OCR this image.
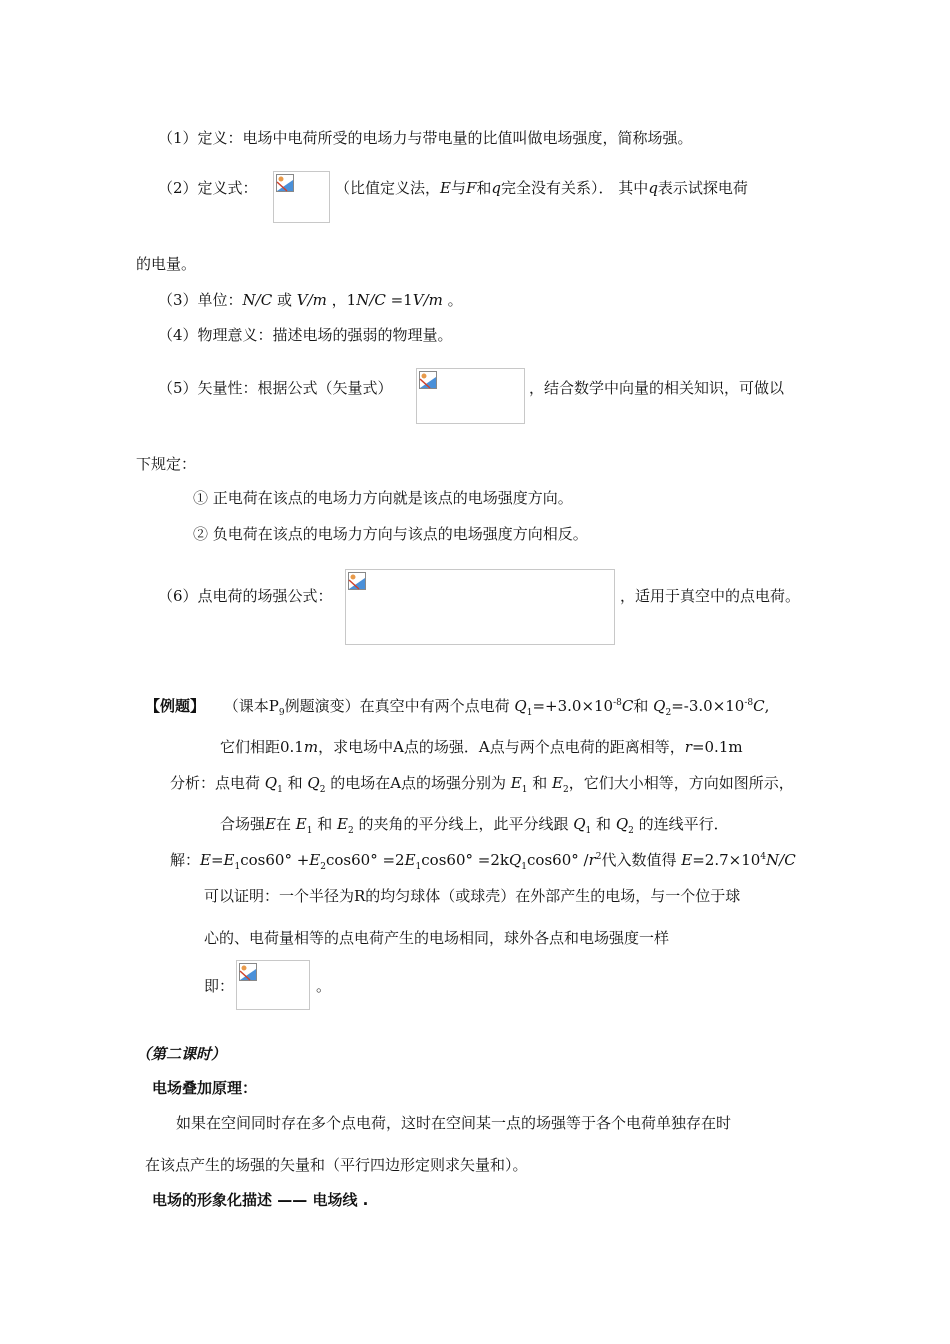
（1）定义：电场中电荷所受的电场力与带电量的比值叫做电场强度，简称场强。
（2）定义式：	（比值定义法，E与F和q完全没有关系）． 其中q表示试探电荷
的电量。
（3）单位：N/C 或 V/m ，1N/C =1V/m 。
（4）物理意义：描述电场的强弱的物理量。
（5）矢量性：根据公式（矢量式）	，结合数学中向量的相关知识，可做以
下规定：
① 正电荷在该点的电场力方向就是该点的电场强度方向。
② 负电荷在该点的电场力方向与该点的电场强度方向相反。
（6）点电荷的场强公式：	，适用于真空中的点电荷。
【例题】 （课本$P_9$例题演变）在真空中有两个点电荷 $Q_1=+3.0\times 10^{-8}C$和 $Q_2=-3.0\times 10^{-8}C$,
它们相距0.1m，求电场中A点的场强．A点与两个点电荷的距离相等，r=0.1m
分析：点电荷 $Q_1$ 和 $Q_2$ 的电场在A点的场强分别为 $E_1$ 和 $E_2$，它们大小相等，方向如图所示，
合场强E在 $E_1$ 和 $E_2$ 的夹角的平分线上，此平分线跟 $Q_1$ 和 $Q_2$ 的连线平行．
解：$E=E_1\cos 60^\circ +E_2\cos 60^\circ =2E_1\cos 60^\circ =2kQ_1\cos 60^\circ$ $/r^2$代入数值得 $E=2.7\times 10^4N/C$
可以证明：一个半径为R的均匀球体（或球壳）在外部产生的电场，与一个位于球
心的、电荷量相等的点电荷产生的电场相同，球外各点和电场强度一样
即：	。
（第二课时）
电场叠加原理：
如果在空间同时存在多个点电荷，这时在空间某一点的场强等于各个电荷单独存在时
在该点产生的场强的矢量和（平行四边形定则求矢量和）。
电场的形象化描述 —— 电场线 .
